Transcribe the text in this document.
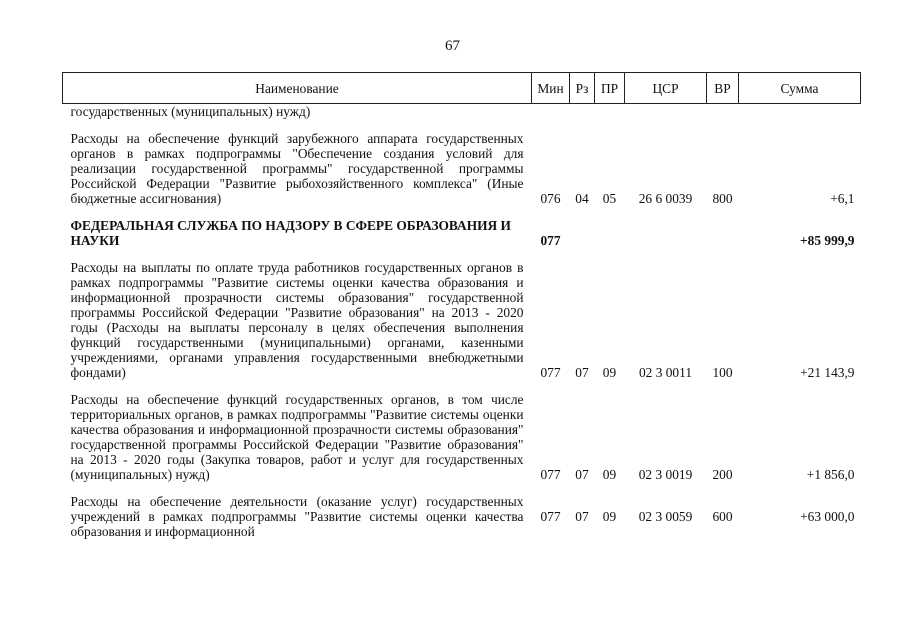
67
Наименование	Мин	Рз	ПР	ЦСР	ВР	Сумма
государственных (муниципальных) нужд)						
Расходы на обеспечение функций зарубежного аппарата государственных органов в рамках подпрограммы "Обеспечение создания условий для реализации государственной программы" государственной программы Российской Федерации "Развитие рыбохозяйственного комплекса" (Иные бюджетные ассигнования)	076	04	05	26 6 0039	800	+6,1
ФЕДЕРАЛЬНАЯ СЛУЖБА ПО НАДЗОРУ В СФЕРЕ ОБРАЗОВАНИЯ И НАУКИ	077					+85 999,9
Расходы на выплаты по оплате труда работников государственных органов в рамках подпрограммы "Развитие системы оценки качества образования и информационной прозрачности системы образования" государственной программы Российской Федерации "Развитие образования" на 2013 - 2020 годы (Расходы на выплаты персоналу в целях обеспечения выполнения функций государственными (муниципальными) органами, казенными учреждениями, органами управления государственными внебюджетными фондами)	077	07	09	02 3 0011	100	+21 143,9
Расходы на обеспечение функций государственных органов, в том числе территориальных органов, в рамках подпрограммы "Развитие системы оценки качества образования и информационной прозрачности системы образования" государственной программы Российской Федерации "Развитие образования" на 2013 - 2020 годы (Закупка товаров, работ и услуг для государственных (муниципальных) нужд)	077	07	09	02 3 0019	200	+1 856,0
Расходы на обеспечение деятельности (оказание услуг) государственных учреждений в рамках подпрограммы "Развитие системы оценки качества образования и информационной	077	07	09	02 3 0059	600	+63 000,0
